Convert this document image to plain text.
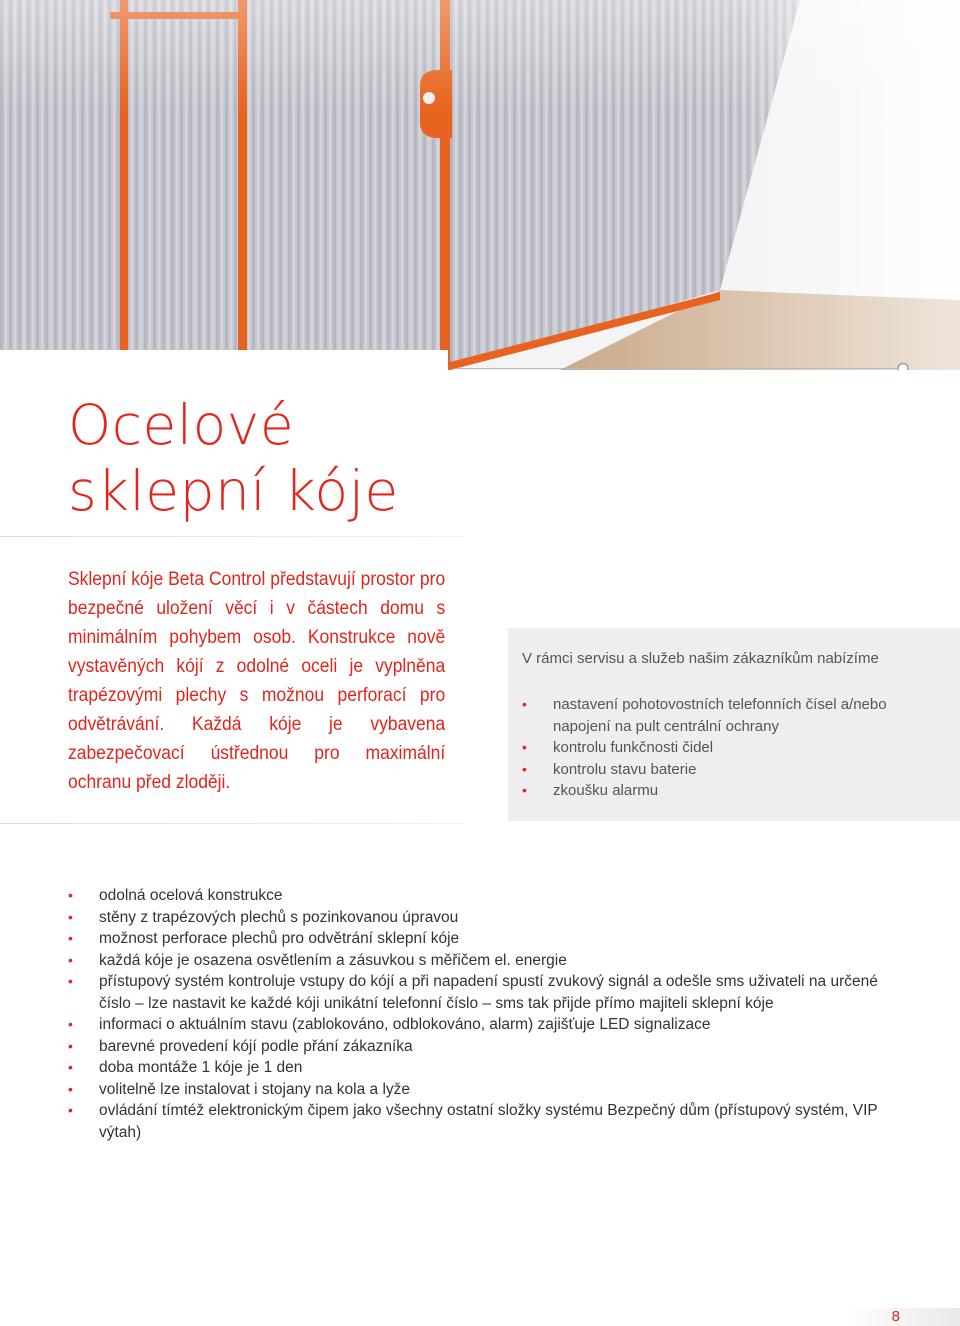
Ocelové
sklepní kóje

Sklepní kóje Beta Control představují prostor pro bezpečné uložení věcí i v částech domu s minimálním pohybem osob. Konstrukce nově vystavěných kójí z odolné oceli je vyplněna trapézovými plechy s možnou perforací pro odvětrávání. Každá kóje je vybavena zabezpečovací ústřednou pro maximální ochranu před zloději.

V rámci servisu a služeb našim zákazníkům nabízíme

• nastavení pohotovostních telefonních čísel a/nebo napojení na pult centrální ochrany
• kontrolu funkčnosti čidel
• kontrolu stavu baterie
• zkoušku alarmu
• odolná ocelová konstrukce
• stěny z trapézových plechů s pozinkovanou úpravou
• možnost perforace plechů pro odvětrání sklepní kóje
• každá kóje je osazena osvětlením a zásuvkou s měřičem el. energie
• přístupový systém kontroluje vstupy do kójí a při napadení spustí zvukový signál a odešle sms uživateli na určené číslo – lze nastavit ke každé kóji unikátní telefonní číslo – sms tak přijde přímo majiteli sklepní kóje
• informaci o aktuálním stavu (zablokováno, odblokováno, alarm) zajišťuje LED signalizace
• barevné provedení kójí podle přání zákazníka
• doba montáže 1 kóje je 1 den
• volitelně lze instalovat i stojany na kola a lyže
• ovládání tímtéž elektronickým čipem jako všechny ostatní složky systému Bezpečný dům (přístupový systém, VIP výtah)
8
